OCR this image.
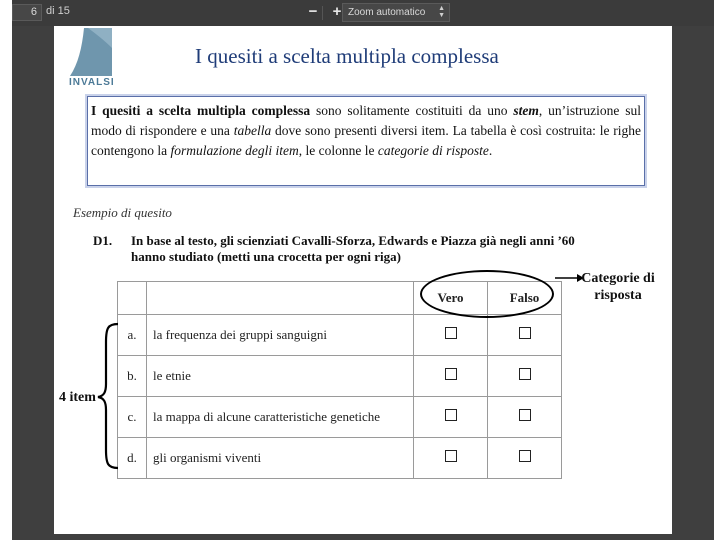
6 di 15	−	+ Zoom automatico ▲
▼
INVALSI
I quesiti a scelta multipla complessa
I quesiti a scelta multipla complessa sono solitamente costituiti da uno stem, un’istruzione sul modo di rispondere e una tabella dove sono presenti diversi item. La tabella è così costruita: le righe contengono la formulazione degli item, le colonne le categorie di risposte.
Esempio di quesito
D1. In base al testo, gli scienziati Cavalli-Sforza, Edwards e Piazza già negli anni ’60 hanno studiato (metti una crocetta per ogni riga)
		Vero	Falso
a.	la frequenza dei gruppi sanguigni		
b.	le etnie		
c.	la mappa di alcune caratteristiche genetiche		
d.	gli organismi viventi		
Categorie di risposta
4 item
